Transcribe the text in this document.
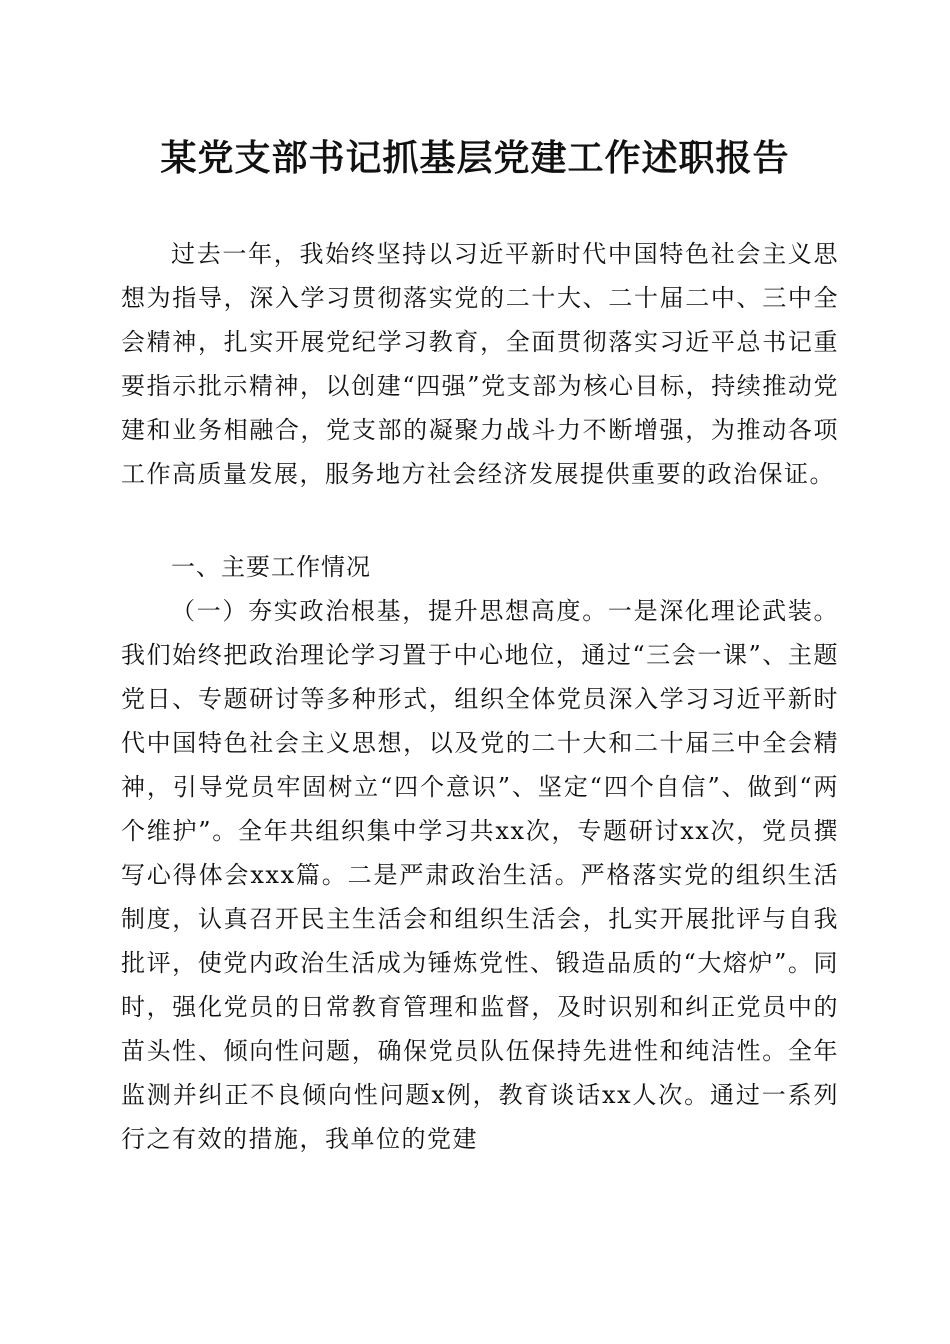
某党支部书记抓基层党建工作述职报告

过去一年，我始终坚持以习近平新时代中国特色社会主义思想为指导，深入学习贯彻落实党的二十大、二十届二中、三中全会精神，扎实开展党纪学习教育，全面贯彻落实习近平总书记重要指示批示精神，以创建“四强”党支部为核心目标，持续推动党建和业务相融合，党支部的凝聚力战斗力不断增强，为推动各项工作高质量发展，服务地方社会经济发展提供重要的政治保证。

一、主要工作情况

（一）夯实政治根基，提升思想高度。一是深化理论武装。我们始终把政治理论学习置于中心地位，通过“三会一课”、主题党日、专题研讨等多种形式，组织全体党员深入学习习近平新时代中国特色社会主义思想，以及党的二十大和二十届三中全会精神，引导党员牢固树立“四个意识”、坚定“四个自信”、做到“两个维护”。全年共组织集中学习共xx次，专题研讨xx次，党员撰写心得体会xxx篇。二是严肃政治生活。严格落实党的组织生活制度，认真召开民主生活会和组织生活会，扎实开展批评与自我批评，使党内政治生活成为锤炼党性、锻造品质的“大熔炉”。同时，强化党员的日常教育管理和监督，及时识别和纠正党员中的苗头性、倾向性问题，确保党员队伍保持先进性和纯洁性。全年监测并纠正不良倾向性问题x例，教育谈话xx人次。通过一系列行之有效的措施，我单位的党建
